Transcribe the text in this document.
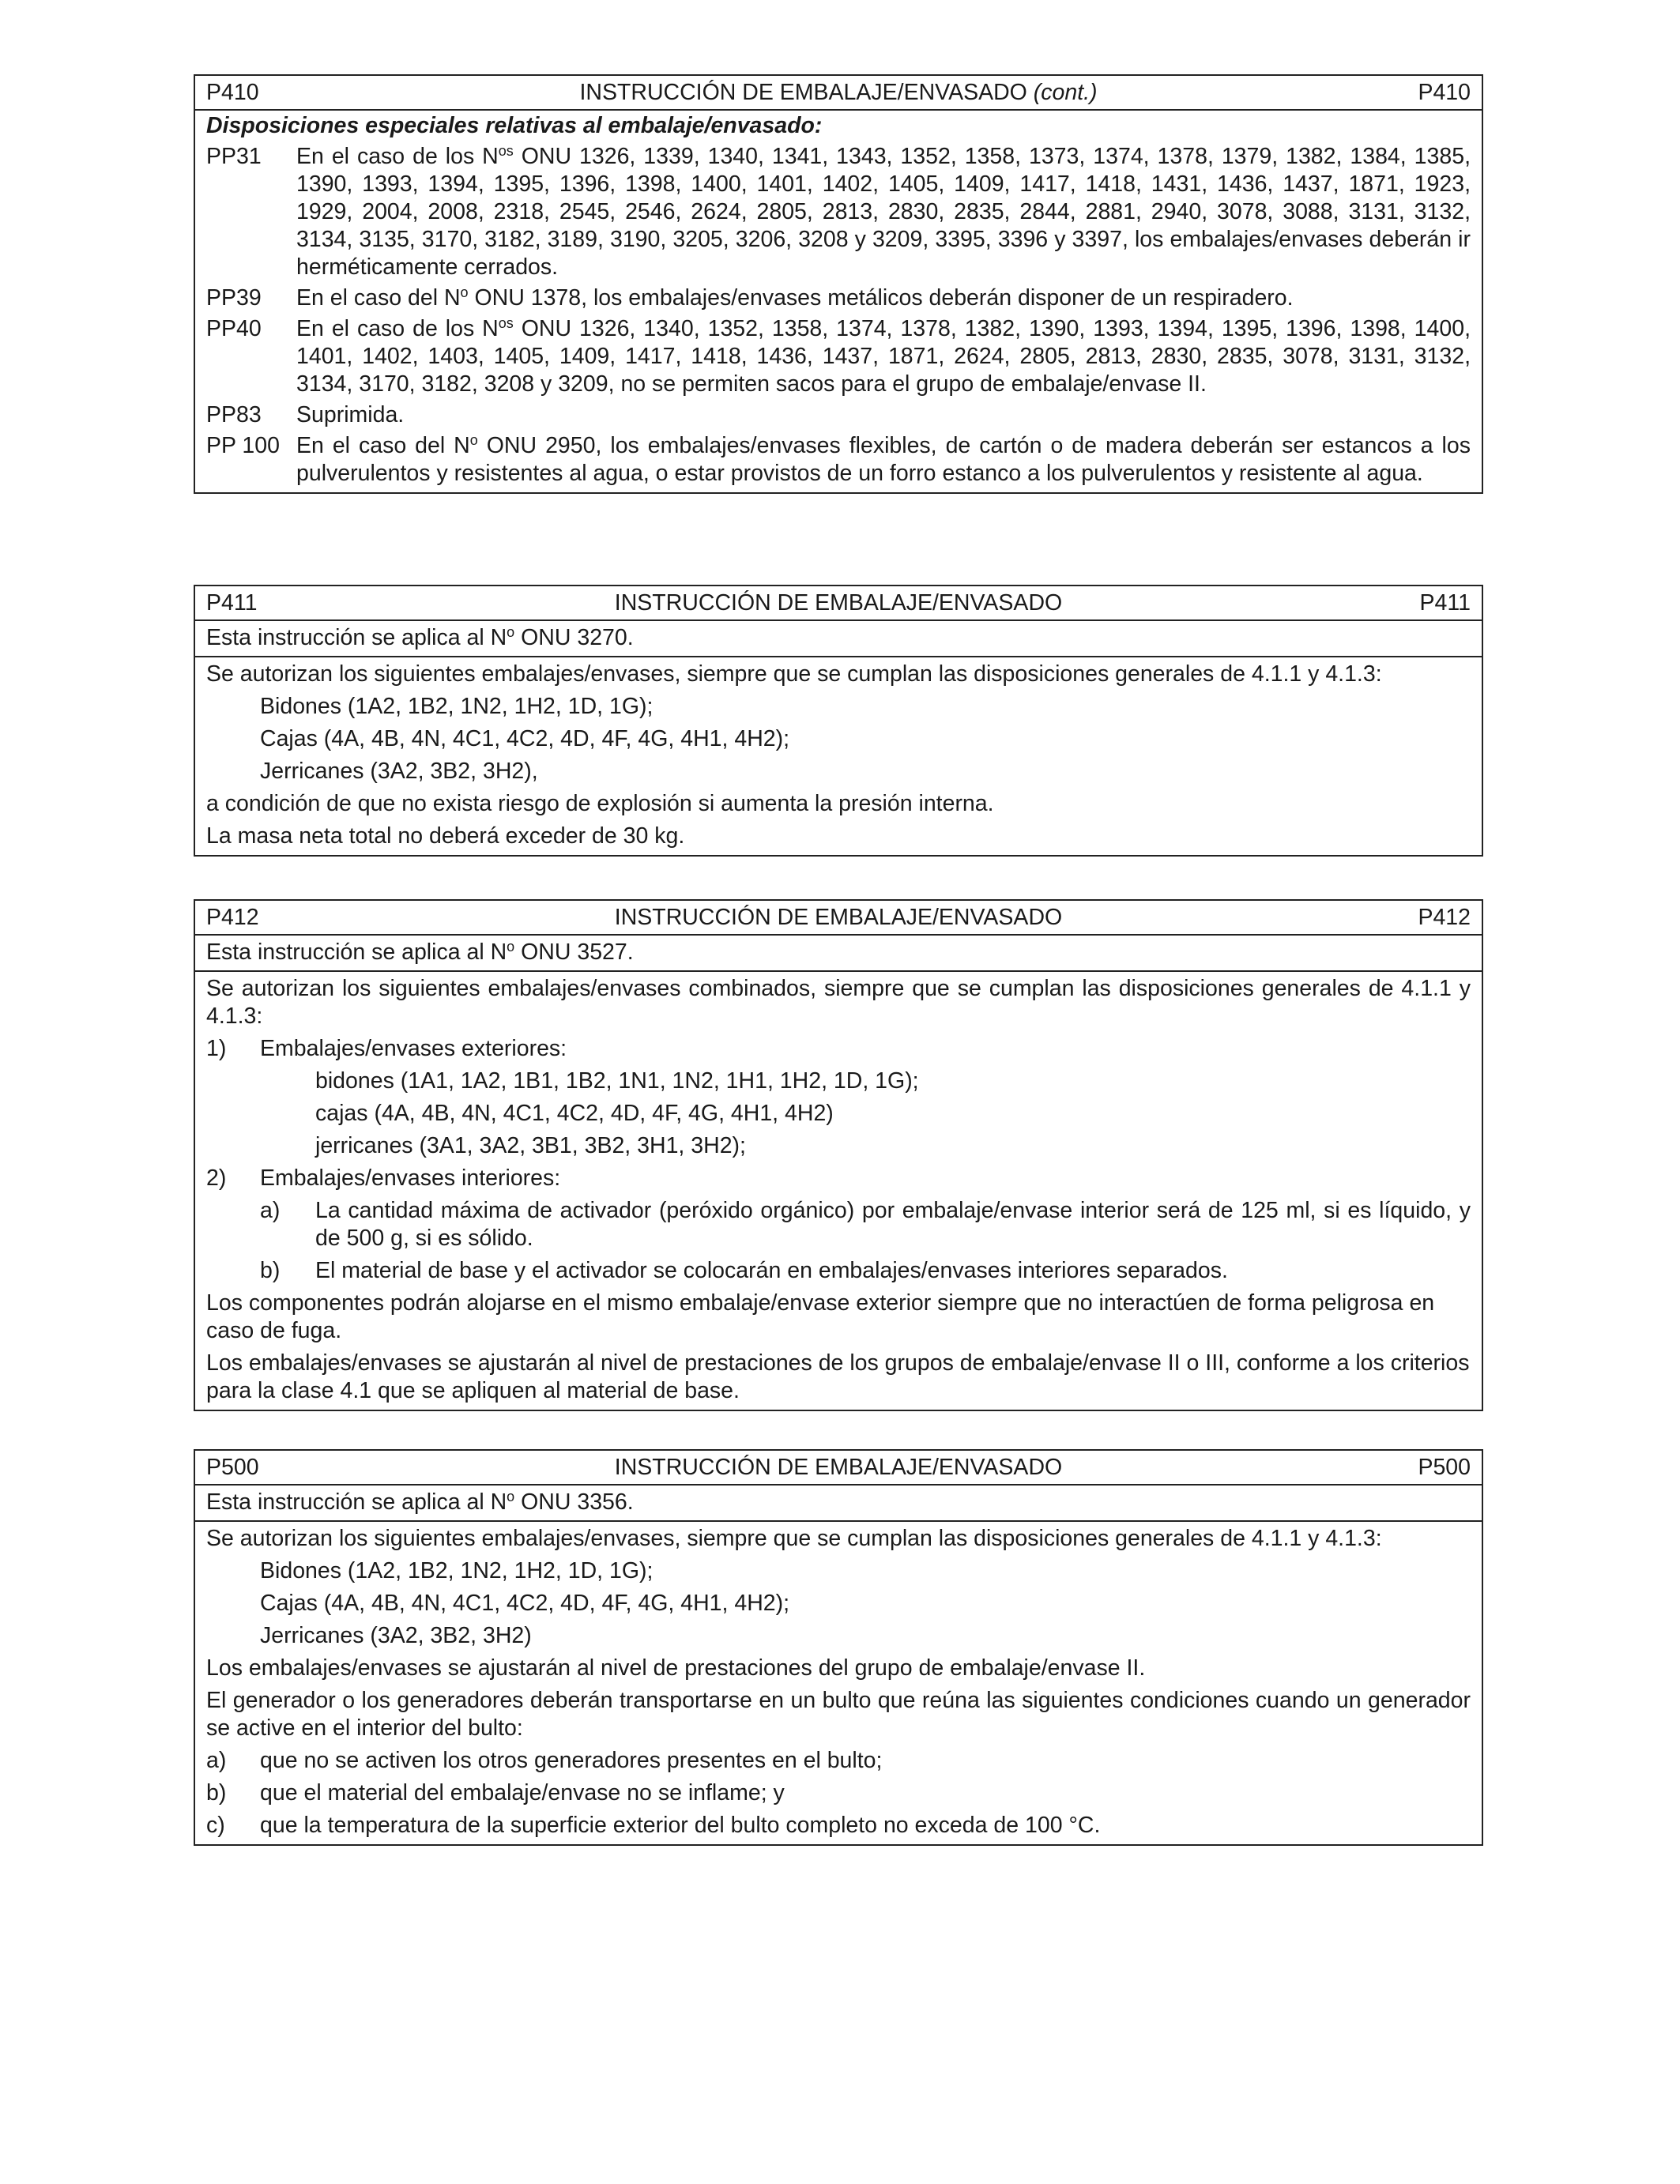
P410	INSTRUCCIÓN DE EMBALAJE/ENVASADO (cont.)	P410
Disposiciones especiales relativas al embalaje/envasado:
PP31	En el caso de los $N^{os}$ ONU 1326, 1339, 1340, 1341, 1343, 1352, 1358, 1373, 1374, 1378, 1379, 1382, 1384, 1385, 1390, 1393, 1394, 1395, 1396, 1398, 1400, 1401, 1402, 1405, 1409, 1417, 1418, 1431, 1436, 1437, 1871, 1923, 1929, 2004, 2008, 2318, 2545, 2546, 2624, 2805, 2813, 2830, 2835, 2844, 2881, 2940, 3078, 3088, 3131, 3132, 3134, 3135, 3170, 3182, 3189, 3190, 3205, 3206, 3208 y 3209, 3395, 3396 y 3397, los embalajes/envases deberán ir herméticamente cerrados.
PP39	En el caso del $N^o$ ONU 1378, los embalajes/envases metálicos deberán disponer de un respiradero.
PP40	En el caso de los $N^{os}$ ONU 1326, 1340, 1352, 1358, 1374, 1378, 1382, 1390, 1393, 1394, 1395, 1396, 1398, 1400, 1401, 1402, 1403, 1405, 1409, 1417, 1418, 1436, 1437, 1871, 2624, 2805, 2813, 2830, 2835, 3078, 3131, 3132, 3134, 3170, 3182, 3208 y 3209, no se permiten sacos para el grupo de embalaje/envase II.
PP83	Suprimida.
PP 100 En el caso del $N^o$ ONU 2950, los embalajes/envases flexibles, de cartón o de madera deberán ser estancos a los pulverulentos y resistentes al agua, o estar provistos de un forro estanco a los pulverulentos y resistente al agua.
P411	INSTRUCCIÓN DE EMBALAJE/ENVASADO	P411
Esta instrucción se aplica al $N^o$ ONU 3270.
Se autorizan los siguientes embalajes/envases, siempre que se cumplan las disposiciones generales de 4.1.1 y 4.1.3:
Bidones (1A2, 1B2, 1N2, 1H2, 1D, 1G);
Cajas (4A, 4B, 4N, 4C1, 4C2, 4D, 4F, 4G, 4H1, 4H2);
Jerricanes (3A2, 3B2, 3H2),
a condición de que no exista riesgo de explosión si aumenta la presión interna.
La masa neta total no deberá exceder de 30 kg.
P412	INSTRUCCIÓN DE EMBALAJE/ENVASADO	P412
Esta instrucción se aplica al $N^o$ ONU 3527.
Se autorizan los siguientes embalajes/envases combinados, siempre que se cumplan las disposiciones generales de 4.1.1 y 4.1.3:
1)	Embalajes/envases exteriores:
bidones (1A1, 1A2, 1B1, 1B2, 1N1, 1N2, 1H1, 1H2, 1D, 1G);
cajas (4A, 4B, 4N, 4C1, 4C2, 4D, 4F, 4G, 4H1, 4H2)
jerricanes (3A1, 3A2, 3B1, 3B2, 3H1, 3H2);
2)	Embalajes/envases interiores:
a)	La cantidad máxima de activador (peróxido orgánico) por embalaje/envase interior será de 125 ml, si es líquido, y de 500 g, si es sólido.
b)	El material de base y el activador se colocarán en embalajes/envases interiores separados.
Los componentes podrán alojarse en el mismo embalaje/envase exterior siempre que no interactúen de forma peligrosa en caso de fuga.
Los embalajes/envases se ajustarán al nivel de prestaciones de los grupos de embalaje/envase II o III, conforme a los criterios para la clase 4.1 que se apliquen al material de base.
P500	INSTRUCCIÓN DE EMBALAJE/ENVASADO	P500
Esta instrucción se aplica al $N^o$ ONU 3356.
Se autorizan los siguientes embalajes/envases, siempre que se cumplan las disposiciones generales de 4.1.1 y 4.1.3:
Bidones (1A2, 1B2, 1N2, 1H2, 1D, 1G);
Cajas (4A, 4B, 4N, 4C1, 4C2, 4D, 4F, 4G, 4H1, 4H2);
Jerricanes (3A2, 3B2, 3H2)
Los embalajes/envases se ajustarán al nivel de prestaciones del grupo de embalaje/envase II.
El generador o los generadores deberán transportarse en un bulto que reúna las siguientes condiciones cuando un generador se active en el interior del bulto:
a)	que no se activen los otros generadores presentes en el bulto;
b)	que el material del embalaje/envase no se inflame; y
c)	que la temperatura de la superficie exterior del bulto completo no exceda de 100 °C.
